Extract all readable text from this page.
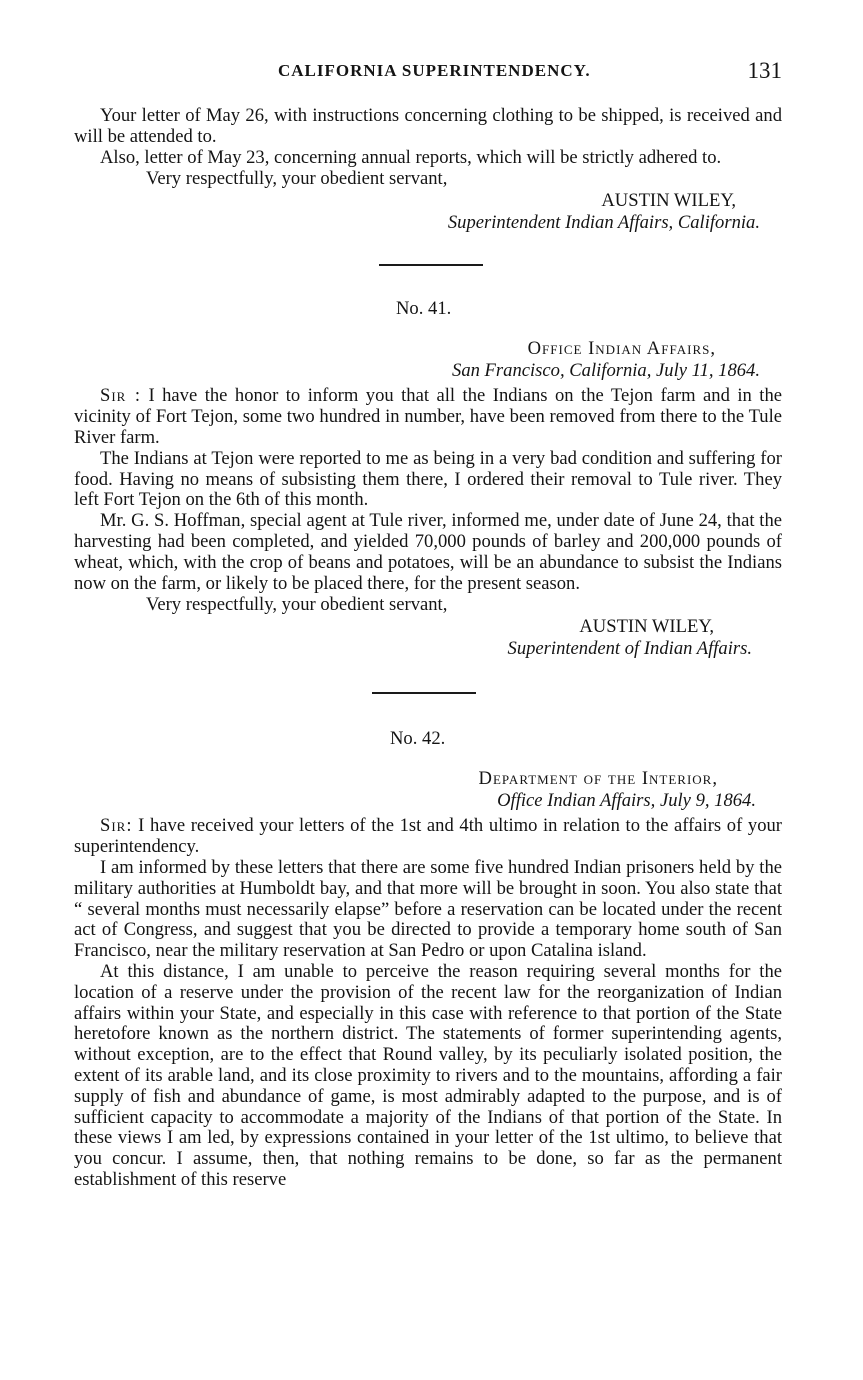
CALIFORNIA SUPERINTENDENCY.	131

Your letter of May 26, with instructions concerning clothing to be shipped, is received and will be attended to.

Also, letter of May 23, concerning annual reports, which will be strictly adhered to.

Very respectfully, your obedient servant,
AUSTIN WILEY,
Superintendent Indian Affairs, California.
No. 41.
Office Indian Affairs,
San Francisco, California, July 11, 1864.

Sir : I have the honor to inform you that all the Indians on the Tejon farm and in the vicinity of Fort Tejon, some two hundred in number, have been removed from there to the Tule River farm.

The Indians at Tejon were reported to me as being in a very bad condition and suffering for food. Having no means of subsisting them there, I ordered their removal to Tule river. They left Fort Tejon on the 6th of this month.

Mr. G. S. Hoffman, special agent at Tule river, informed me, under date of June 24, that the harvesting had been completed, and yielded 70,000 pounds of barley and 200,000 pounds of wheat, which, with the crop of beans and potatoes, will be an abundance to subsist the Indians now on the farm, or likely to be placed there, for the present season.

Very respectfully, your obedient servant,
AUSTIN WILEY,
Superintendent of Indian Affairs.
No. 42.
Department of the Interior,
Office Indian Affairs, July 9, 1864.

Sir: I have received your letters of the 1st and 4th ultimo in relation to the affairs of your superintendency.

I am informed by these letters that there are some five hundred Indian prisoners held by the military authorities at Humboldt bay, and that more will be brought in soon. You also state that “ several months must necessarily elapse” before a reservation can be located under the recent act of Congress, and suggest that you be directed to provide a temporary home south of San Francisco, near the military reservation at San Pedro or upon Catalina island.

At this distance, I am unable to perceive the reason requiring several months for the location of a reserve under the provision of the recent law for the reorganization of Indian affairs within your State, and especially in this case with reference to that portion of the State heretofore known as the northern district. The statements of former superintending agents, without exception, are to the effect that Round valley, by its peculiarly isolated position, the extent of its arable land, and its close proximity to rivers and to the mountains, affording a fair supply of fish and abundance of game, is most admirably adapted to the purpose, and is of sufficient capacity to accommodate a majority of the Indians of that portion of the State. In these views I am led, by expressions contained in your letter of the 1st ultimo, to believe that you concur. I assume, then, that nothing remains to be done, so far as the permanent establishment of this reserve
